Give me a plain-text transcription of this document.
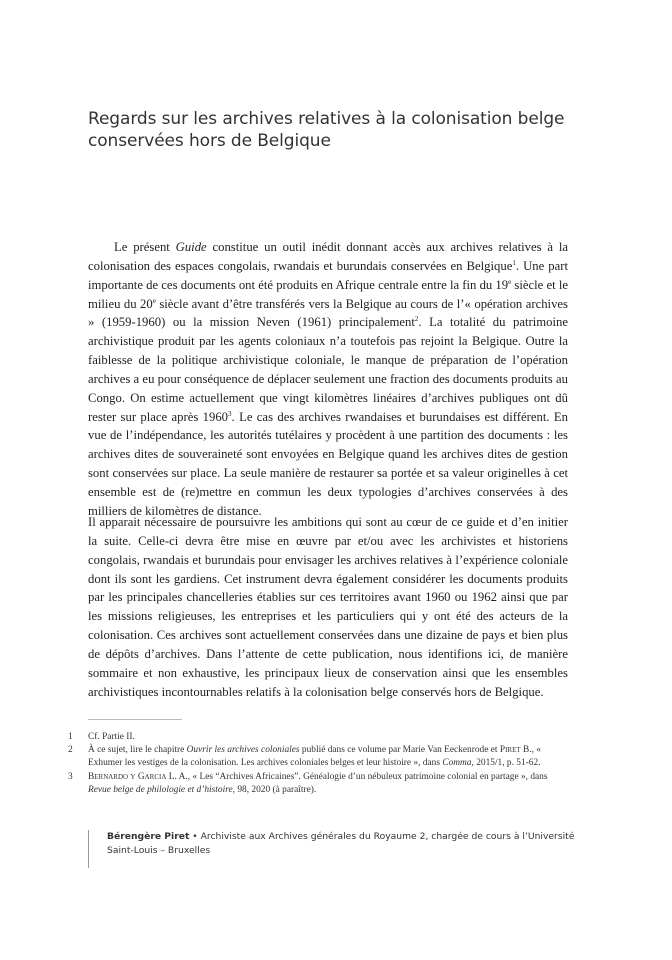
Regards sur les archives relatives à la colonisation belge conservées hors de Belgique

Le présent Guide constitue un outil inédit donnant accès aux archives relatives à la colonisation des espaces congolais, rwandais et burundais conservées en Belgique$^1$. Une part importante de ces documents ont été produits en Afrique centrale entre la fin du 19e siècle et le milieu du 20e siècle avant d’être transférés vers la Belgique au cours de l’« opération archives » (1959-1960) ou la mission Neven (1961) principalement$^2$. La totalité du patrimoine archivistique produit par les agents coloniaux n’a toutefois pas rejoint la Belgique. Outre la faiblesse de la politique archivistique coloniale, le manque de préparation de l’opération archives a eu pour conséquence de déplacer seulement une fraction des documents produits au Congo. On estime actuellement que vingt kilomètres linéaires d’archives publiques ont dû rester sur place après 1960$^3$. Le cas des archives rwandaises et burundaises est différent. En vue de l’indépendance, les autorités tutélaires y procèdent à une partition des documents : les archives dites de souveraineté sont envoyées en Belgique quand les archives dites de gestion sont conservées sur place. La seule manière de restaurer sa portée et sa valeur originelles à cet ensemble est de (re)mettre en commun les deux typologies d’archives conservées à des milliers de kilomètres de distance.

Il apparait nécessaire de poursuivre les ambitions qui sont au cœur de ce guide et d’en initier la suite. Celle-ci devra être mise en œuvre par et/ou avec les archivistes et historiens congolais, rwandais et burundais pour envisager les archives relatives à l’expérience coloniale dont ils sont les gardiens. Cet instrument devra également considérer les documents produits par les principales chancelleries établies sur ces territoires avant 1960 ou 1962 ainsi que par les missions religieuses, les entreprises et les particuliers qui y ont été des acteurs de la colonisation. Ces archives sont actuellement conservées dans une dizaine de pays et bien plus de dépôts d’archives. Dans l’attente de cette publication, nous identifions ici, de manière sommaire et non exhaustive, les principaux lieux de conservation ainsi que les ensembles archivistiques incontournables relatifs à la colonisation belge conservés hors de Belgique.

1 Cf. Partie II.

2 À ce sujet, lire le chapitre Ouvrir les archives coloniales publié dans ce volume par Marie Van Eeckenrode et Piret B., « Exhumer les vestiges de la colonisation. Les archives coloniales belges et leur histoire », dans Comma, 2015/1, p. 51-62.

3 Bernardo y Garcia L. A., « Les “Archives Africaines”. Généalogie d’un nébuleux patrimoine colonial en partage », dans Revue belge de philologie et d’histoire, 98, 2020 (à paraître).

Bérengère Piret • Archiviste aux Archives générales du Royaume 2, chargée de cours à l’Université Saint-Louis – Bruxelles
